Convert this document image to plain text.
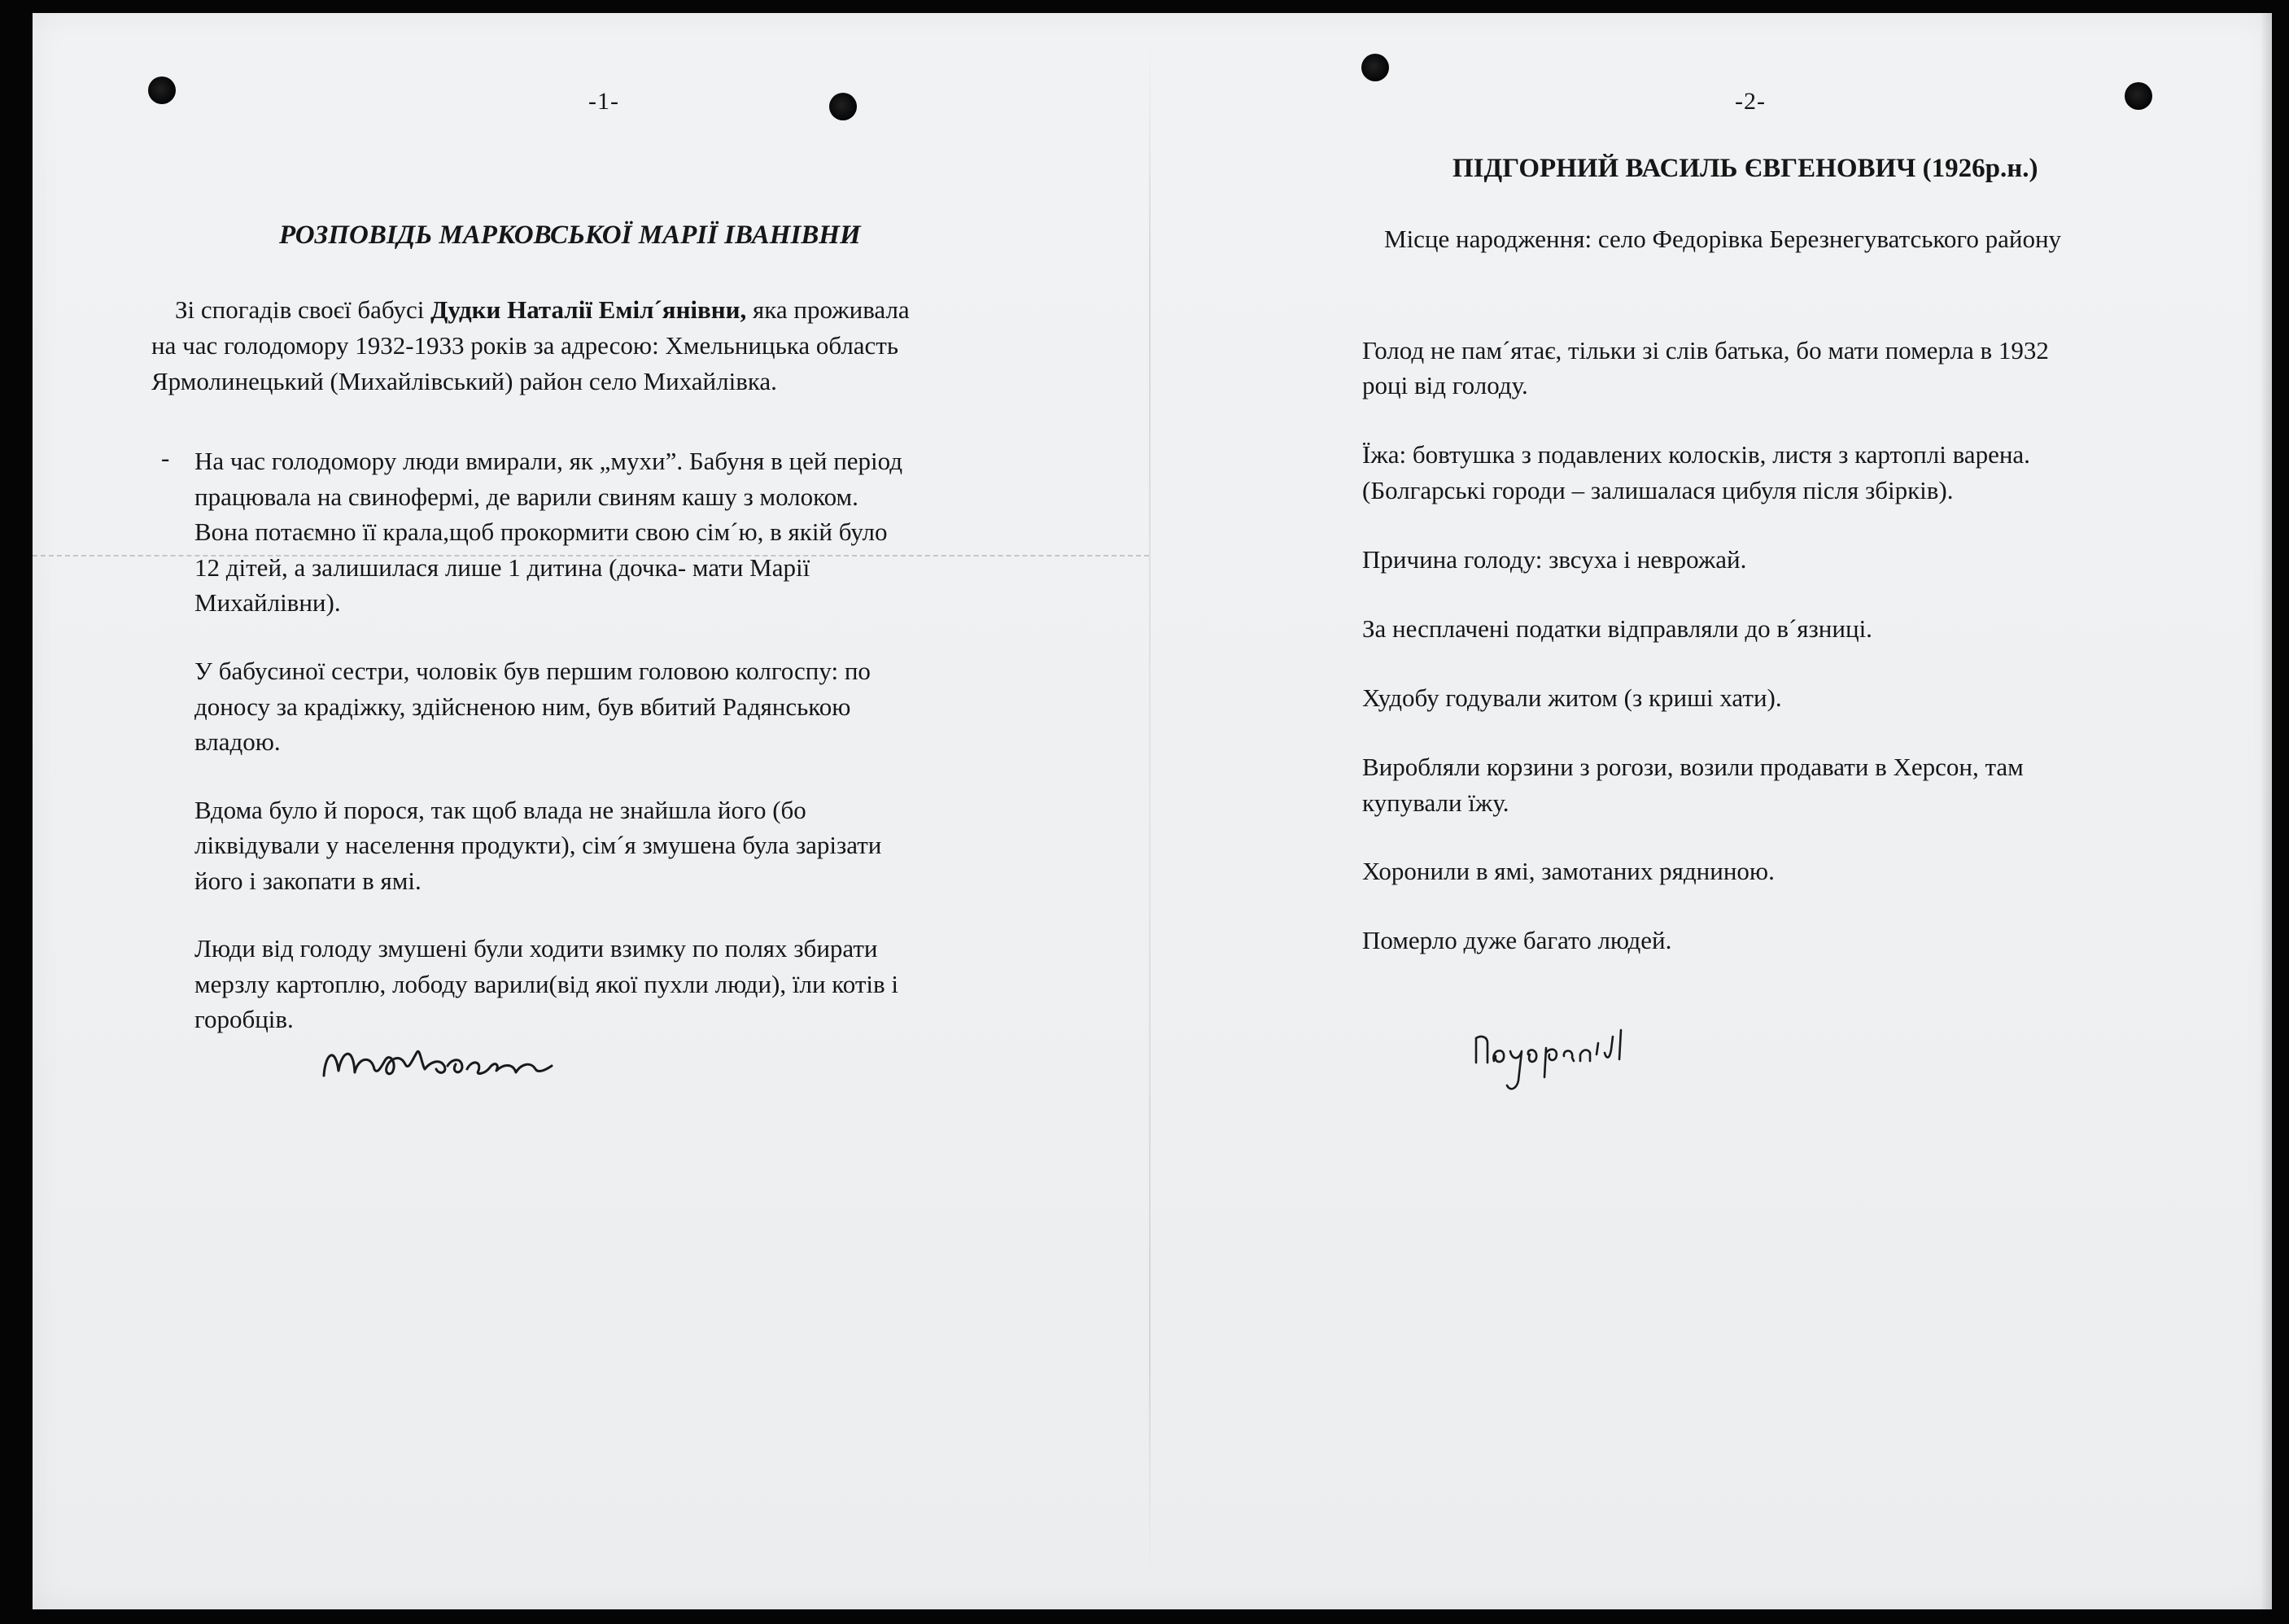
-1-
РОЗПОВІДЬ МАРКОВСЬКОЇ МАРІЇ ІВАНІВНИ
Зі спогадів своєї бабусі Дудки Наталії Еміл´янівни, яка проживала
на час голодомору 1932-1933 років за адресою: Хмельницька область
Ярмолинецький (Михайлівський) район село Михайлівка.
- На час голодомору люди вмирали, як „мухи”. Бабуня в цей період
працювала на свинофермі, де варили свиням кашу з молоком.
Вона потаємно її крала,щоб прокормити свою сім´ю, в якій було
12 дітей, а залишилася лише 1 дитина (дочка- мати Марії
Михайлівни).
У бабусиної сестри, чоловік був першим головою колгоспу: по
доносу за крадіжку, здійсненою ним, був вбитий Радянською
владою.
Вдома було й порося, так щоб влада не знайшла його (бо
ліквідували у населення продукти), сім´я змушена була зарізати
його і закопати в ямі.
Люди від голоду змушені були ходити взимку по полях збирати
мерзлу картоплю, лободу варили(від якої пухли люди), їли котів і
горобців.
-2-
ПІДГОРНИЙ ВАСИЛЬ ЄВГЕНОВИЧ (1926р.н.)
Місце народження: село Федорівка Березнегуватського району
Голод не пам´ятає, тільки зі слів батька, бо мати померла в 1932
році від голоду.
Їжа: бовтушка з подавлених колосків, листя з картоплі варена.
(Болгарські городи – залишалася цибуля після збірків).
Причина голоду: звсуха і неврожай.
За несплачені податки відправляли до в´язниці.
Худобу годували житом (з криші хати).
Виробляли корзини з рогози, возили продавати в Херсон, там
купували їжу.
Хоронили в ямі, замотаних рядниною.
Померло дуже багато людей.
